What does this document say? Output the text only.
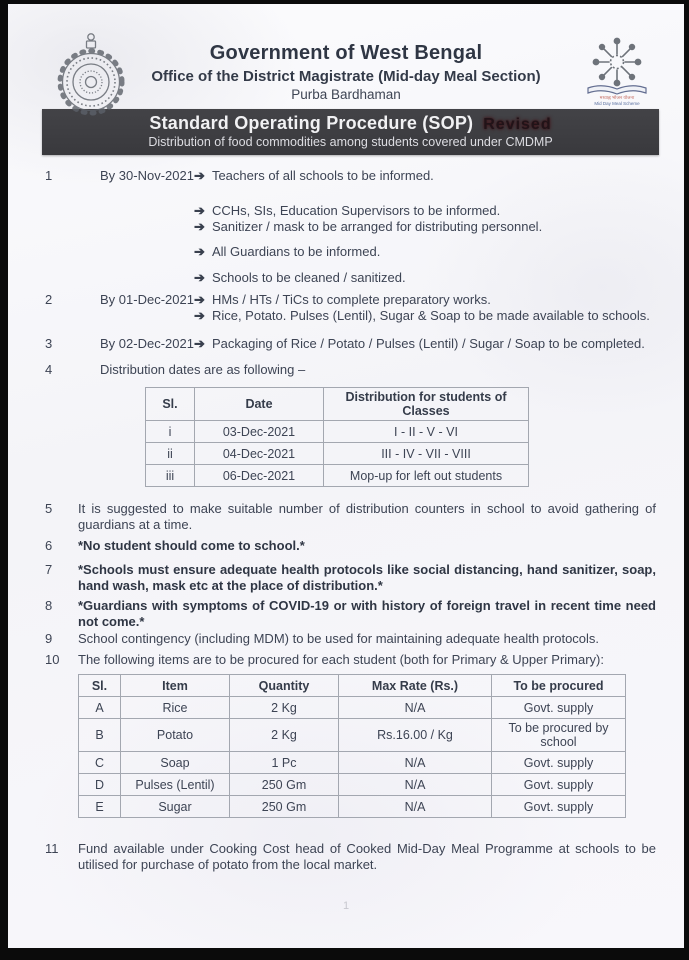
मध्याह्न भोजन योजना
Mid Day Meal Scheme
Government of West Bengal
Office of the District Magistrate (Mid-day Meal Section)
Purba Bardhaman
Standard Operating Procedure (SOP) Revised
Distribution of food commodities among students covered under CMDMP
1	By 30-Nov-2021 ➔ Teachers of all schools to be informed.
➔ CCHs, SIs, Education Supervisors to be informed.
➔ Sanitizer / mask to be arranged for distributing personnel.
➔ All Guardians to be informed.
➔ Schools to be cleaned / sanitized.
2	By 01-Dec-2021 ➔ HMs / HTs / TiCs to complete preparatory works.
➔ Rice, Potato. Pulses (Lentil), Sugar & Soap to be made available to schools.
3	By 02-Dec-2021 ➔ Packaging of Rice / Potato / Pulses (Lentil) / Sugar / Soap to be completed.
4	Distribution dates are as following –
Sl.	Date	Distribution for students of Classes
i	03-Dec-2021	I - II - V - VI
ii	04-Dec-2021	III - IV - VII - VIII
iii	06-Dec-2021	Mop-up for left out students
5	It is suggested to make suitable number of distribution counters in school to avoid gathering of guardians at a time.
6	*No student should come to school.*
7	*Schools must ensure adequate health protocols like social distancing, hand sanitizer, soap, hand wash, mask etc at the place of distribution.*
8	*Guardians with symptoms of COVID-19 or with history of foreign travel in recent time need not come.*
9	School contingency (including MDM) to be used for maintaining adequate health protocols.
10	The following items are to be procured for each student (both for Primary & Upper Primary):
Sl.	Item	Quantity	Max Rate (Rs.)	To be procured
A	Rice	2 Kg	N/A	Govt. supply
B	Potato	2 Kg	Rs.16.00 / Kg	To be procured by school
C	Soap	1 Pc	N/A	Govt. supply
D	Pulses (Lentil)	250 Gm	N/A	Govt. supply
E	Sugar	250 Gm	N/A	Govt. supply
11	Fund available under Cooking Cost head of Cooked Mid-Day Meal Programme at schools to be utilised for purchase of potato from the local market.
1
